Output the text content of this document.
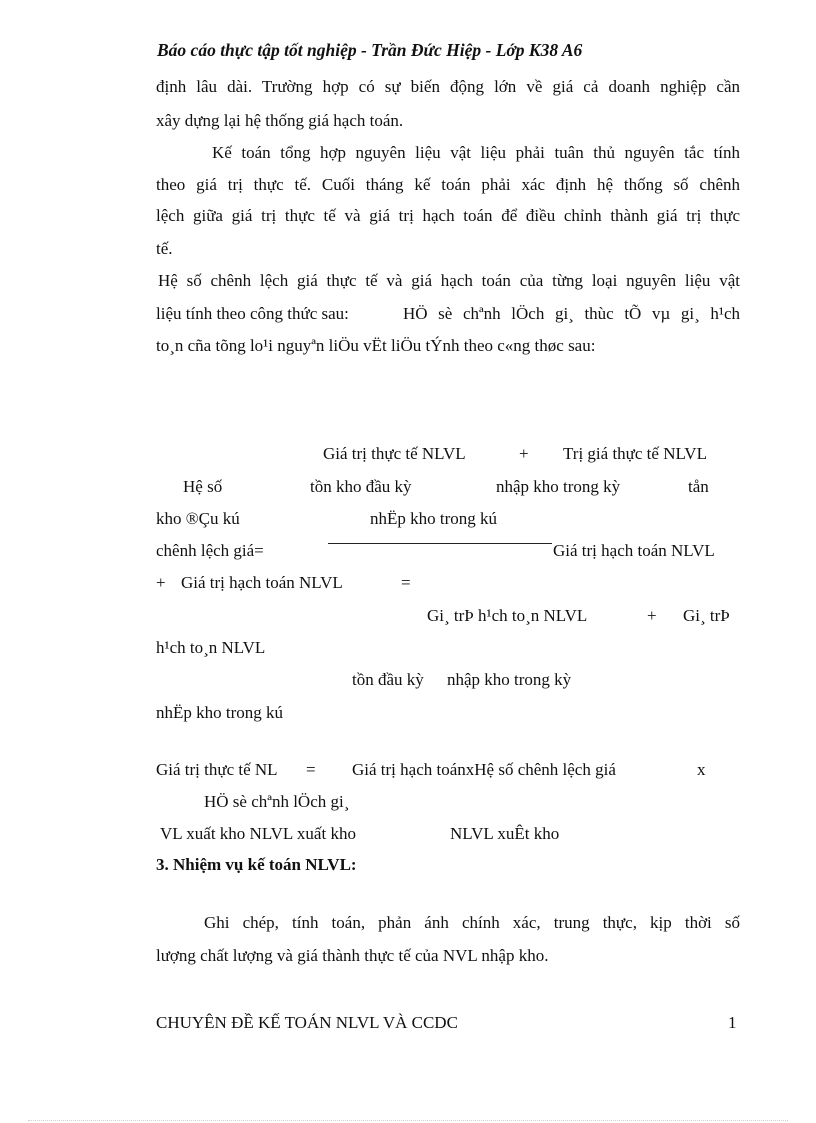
Báo cáo thực tập tốt nghiệp - Trần Đức Hiệp - Lớp K38 A6
định lâu dài. Trường hợp có sự biến động lớn về giá cả doanh nghiệp cần
xây dựng lại hệ thống giá hạch toán.
Kế toán tổng hợp nguyên liệu vật liệu phải tuân thủ nguyên tắc tính
theo giá trị thực tế. Cuối tháng kế toán phải xác định hệ thống số chênh
lệch giữa giá trị thực tế và giá trị hạch toán để điều chỉnh thành giá trị thực
tế.
Hệ số chênh lệch giá thực tế và giá hạch toán của từng loại nguyên liệu vật
liệu tính theo công thức sau:	HÖ sè chªnh lÖch gi¸ thùc tÕ vµ gi¸ h¹ch
to¸n cña tõng lo¹i nguyªn liÖu vËt liÖu tÝnh theo c«ng thøc sau:
Giá trị thực tế NLVL	+ Trị giá thực tế NLVL
Hệ số	tồn kho đầu kỳ	nhập kho trong kỳ	tån
kho ®Çu kú	nhËp kho trong kú
chênh lệch giá=	Giá trị hạch toán NLVL
+ Giá trị hạch toán NLVL	=
Gi¸ trÞ h¹ch to¸n NLVL	+ Gi¸ trÞ
h¹ch to¸n NLVL
tồn đầu kỳ nhập kho trong kỳ
nhËp kho trong kú
Giá trị thực tế NL = Giá trị hạch toánxHệ số chênh lệch giá	x
HÖ sè chªnh lÖch gi¸
VL xuất kho NLVL xuất kho	NLVL xuÊt kho
3. Nhiệm vụ kế toán NLVL:
Ghi chép, tính toán, phản ánh chính xác, trung thực, kịp thời số
lượng chất lượng và giá thành thực tế của NVL nhập kho.
CHUYÊN ĐỀ KẾ TOÁN NLVL VÀ CCDC	1
